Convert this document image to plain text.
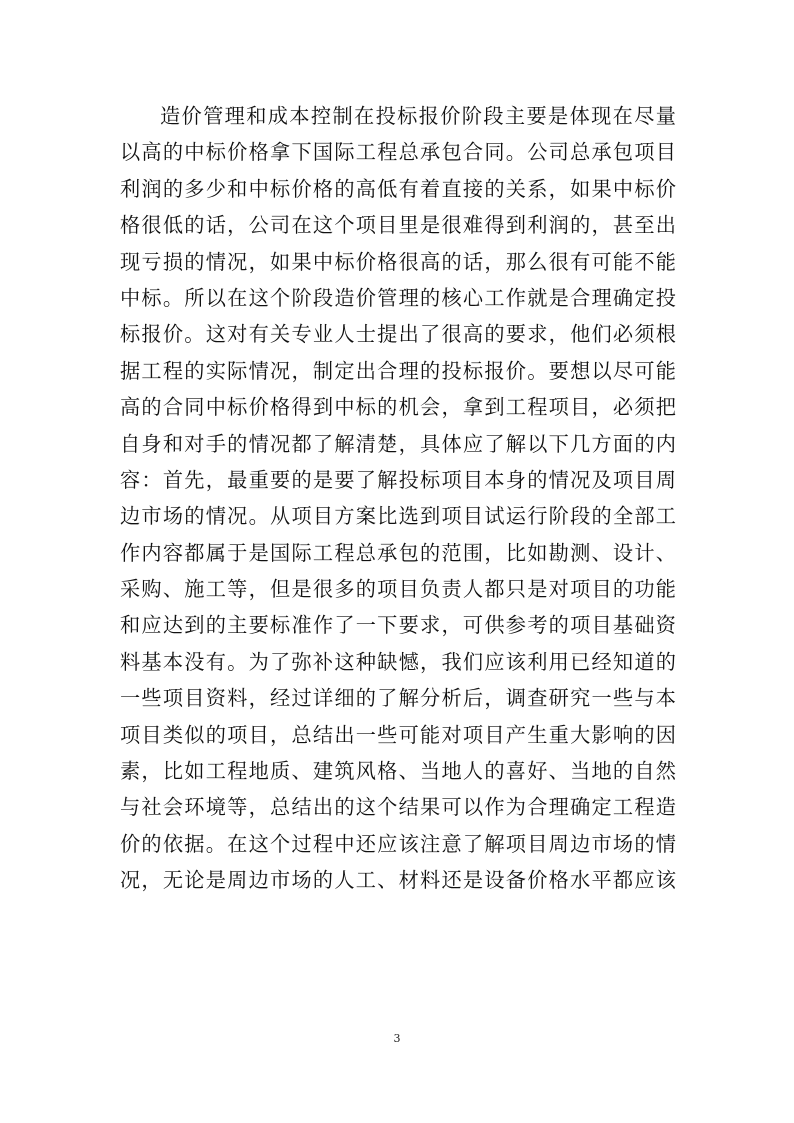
造价管理和成本控制在投标报价阶段主要是体现在尽量
以高的中标价格拿下国际工程总承包合同。公司总承包项目
利润的多少和中标价格的高低有着直接的关系，如果中标价
格很低的话，公司在这个项目里是很难得到利润的，甚至出
现亏损的情况，如果中标价格很高的话，那么很有可能不能
中标。所以在这个阶段造价管理的核心工作就是合理确定投
标报价。这对有关专业人士提出了很高的要求，他们必须根
据工程的实际情况，制定出合理的投标报价。要想以尽可能
高的合同中标价格得到中标的机会，拿到工程项目，必须把
自身和对手的情况都了解清楚，具体应了解以下几方面的内
容：首先，最重要的是要了解投标项目本身的情况及项目周
边市场的情况。从项目方案比选到项目试运行阶段的全部工
作内容都属于是国际工程总承包的范围，比如勘测、设计、
采购、施工等，但是很多的项目负责人都只是对项目的功能
和应达到的主要标准作了一下要求，可供参考的项目基础资
料基本没有。为了弥补这种缺憾，我们应该利用已经知道的
一些项目资料，经过详细的了解分析后，调查研究一些与本
项目类似的项目，总结出一些可能对项目产生重大影响的因
素，比如工程地质、建筑风格、当地人的喜好、当地的自然
与社会环境等，总结出的这个结果可以作为合理确定工程造
价的依据。在这个过程中还应该注意了解项目周边市场的情
况，无论是周边市场的人工、材料还是设备价格水平都应该
3
